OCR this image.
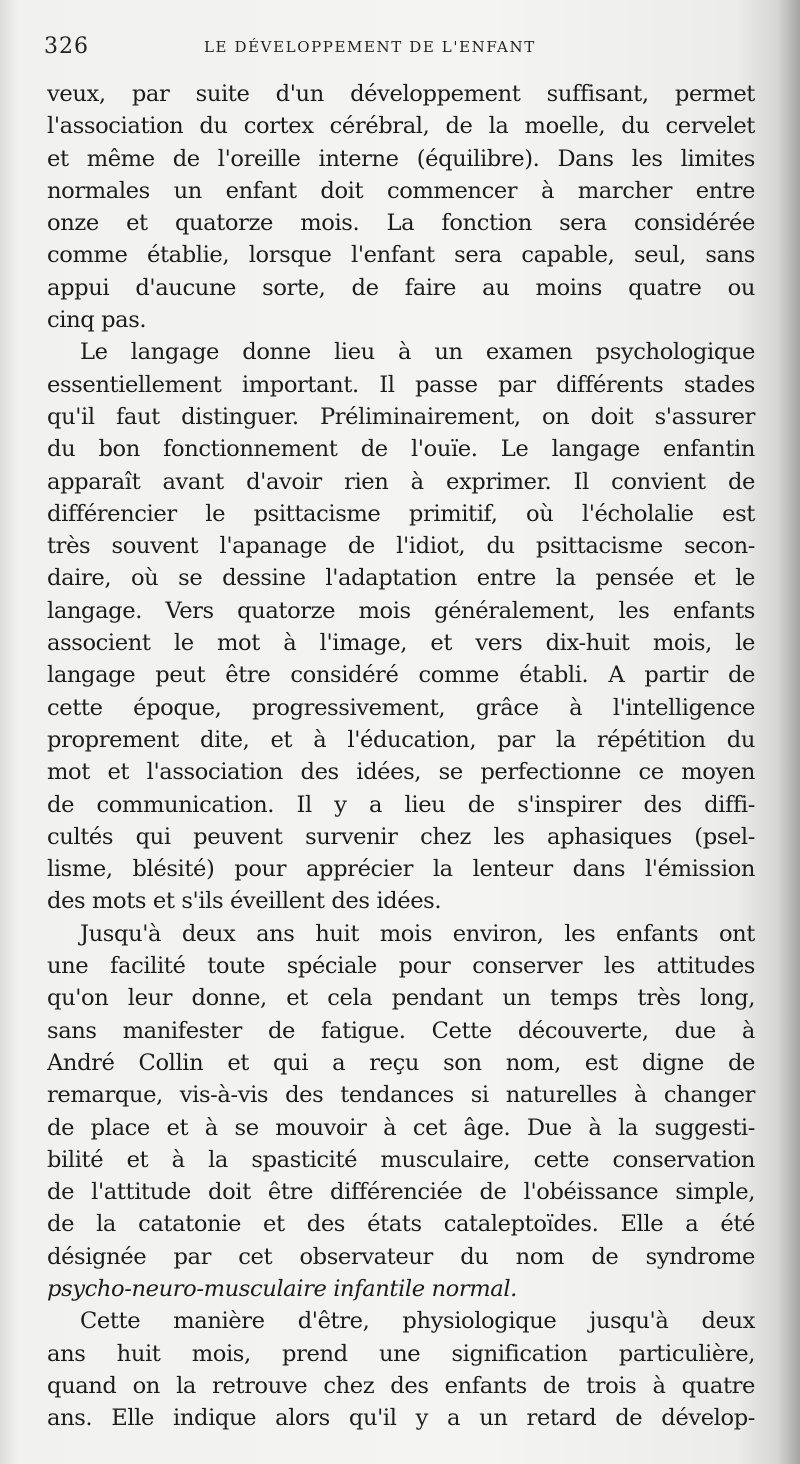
326	LE DÉVELOPPEMENT DE L'ENFANT
veux, par suite d'un développement suffisant, permet
l'association du cortex cérébral, de la moelle, du cervelet
et même de l'oreille interne (équilibre). Dans les limites
normales un enfant doit commencer à marcher entre
onze et quatorze mois. La fonction sera considérée
comme établie, lorsque l'enfant sera capable, seul, sans
appui d'aucune sorte, de faire au moins quatre ou
cinq pas.
Le langage donne lieu à un examen psychologique
essentiellement important. Il passe par différents stades
qu'il faut distinguer. Préliminairement, on doit s'assurer
du bon fonctionnement de l'ouïe. Le langage enfantin
apparaît avant d'avoir rien à exprimer. Il convient de
différencier le psittacisme primitif, où l'écholalie est
très souvent l'apanage de l'idiot, du psittacisme secon-
daire, où se dessine l'adaptation entre la pensée et le
langage. Vers quatorze mois généralement, les enfants
associent le mot à l'image, et vers dix-huit mois, le
langage peut être considéré comme établi. A partir de
cette époque, progressivement, grâce à l'intelligence
proprement dite, et à l'éducation, par la répétition du
mot et l'association des idées, se perfectionne ce moyen
de communication. Il y a lieu de s'inspirer des diffi-
cultés qui peuvent survenir chez les aphasiques (psel-
lisme, blésité) pour apprécier la lenteur dans l'émission
des mots et s'ils éveillent des idées.
Jusqu'à deux ans huit mois environ, les enfants ont
une facilité toute spéciale pour conserver les attitudes
qu'on leur donne, et cela pendant un temps très long,
sans manifester de fatigue. Cette découverte, due à
André Collin et qui a reçu son nom, est digne de
remarque, vis-à-vis des tendances si naturelles à changer
de place et à se mouvoir à cet âge. Due à la suggesti-
bilité et à la spasticité musculaire, cette conservation
de l'attitude doit être différenciée de l'obéissance simple,
de la catatonie et des états cataleptoïdes. Elle a été
désignée par cet observateur du nom de syndrome
psycho-neuro-musculaire infantile normal.
Cette manière d'être, physiologique jusqu'à deux
ans huit mois, prend une signification particulière,
quand on la retrouve chez des enfants de trois à quatre
ans. Elle indique alors qu'il y a un retard de dévelop-
